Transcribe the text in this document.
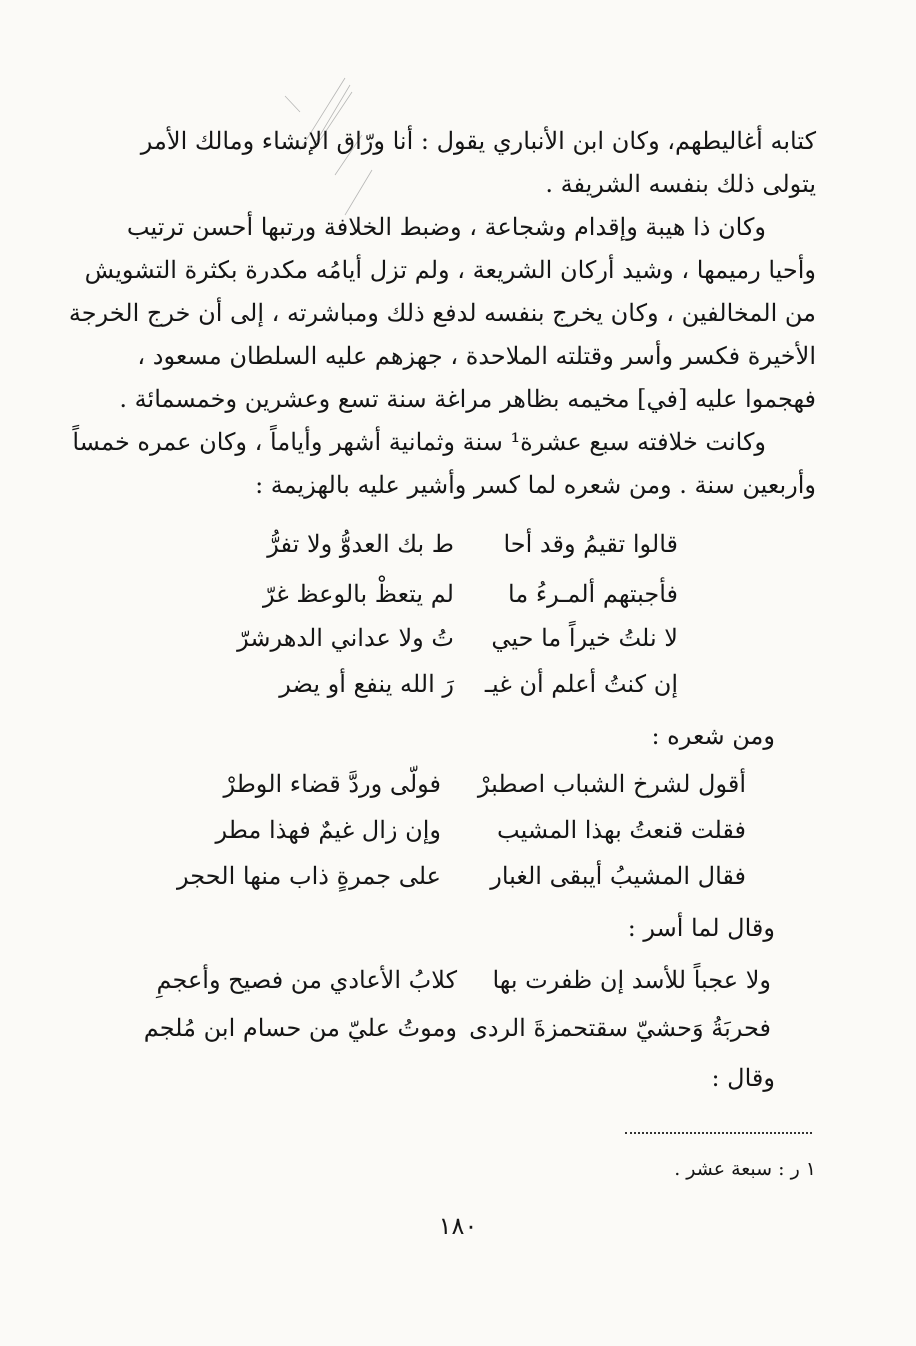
كتابه أغاليطهم، وكان ابن الأنباري يقول : أنا ورّاق الإنشاء ومالك الأمر
يتولى ذلك بنفسه الشريفة .
وكان ذا هيبة وإقدام وشجاعة ، وضبط الخلافة ورتبها أحسن ترتيب
وأحيا رميمها ، وشيد أركان الشريعة ، ولم تزل أيامُه مكدرة بكثرة التشويش
من المخالفين ، وكان يخرج بنفسه لدفع ذلك ومباشرته ، إلى أن خرج الخرجة
الأخيرة فكسر وأسر وقتلته الملاحدة ، جهزهم عليه السلطان مسعود ،
فهجموا عليه [في] مخيمه بظاهر مراغة سنة تسع وعشرين وخمسمائة .
وكانت خلافته سبع عشرة¹ سنة وثمانية أشهر وأياماً ، وكان عمره خمساً
وأربعين سنة . ومن شعره لما كسر وأشير عليه بالهزيمة :
قالوا تقيمُ وقد أحا
ط بك العدوُّ ولا تفرُّ
فأجبتهم ألمـرءُ ما
لم يتعظْ بالوعظ غرّ
لا نلتُ خيراً ما حيي
تُ ولا عداني الدهرشرّ
إن كنتُ أعلم أن غيـ
رَ الله ينفع أو يضر
ومن شعره :
أقول لشرخ الشباب اصطبرْ
فولّى وردَّ قضاء الوطرْ
فقلت قنعتُ بهذا المشيب
وإن زال غيمٌ فهذا مطر
فقال المشيبُ أيبقى الغبار
على جمرةٍ ذاب منها الحجر
وقال لما أسر :
ولا عجباً للأسد إن ظفرت بها
كلابُ الأعادي من فصيح وأعجمِ
فحربَةُ وَحشيّ سقتحمزةَ الردى
وموتُ عليّ من حسام ابن مُلجم
وقال :
١ ر : سبعة عشر .
١٨٠
